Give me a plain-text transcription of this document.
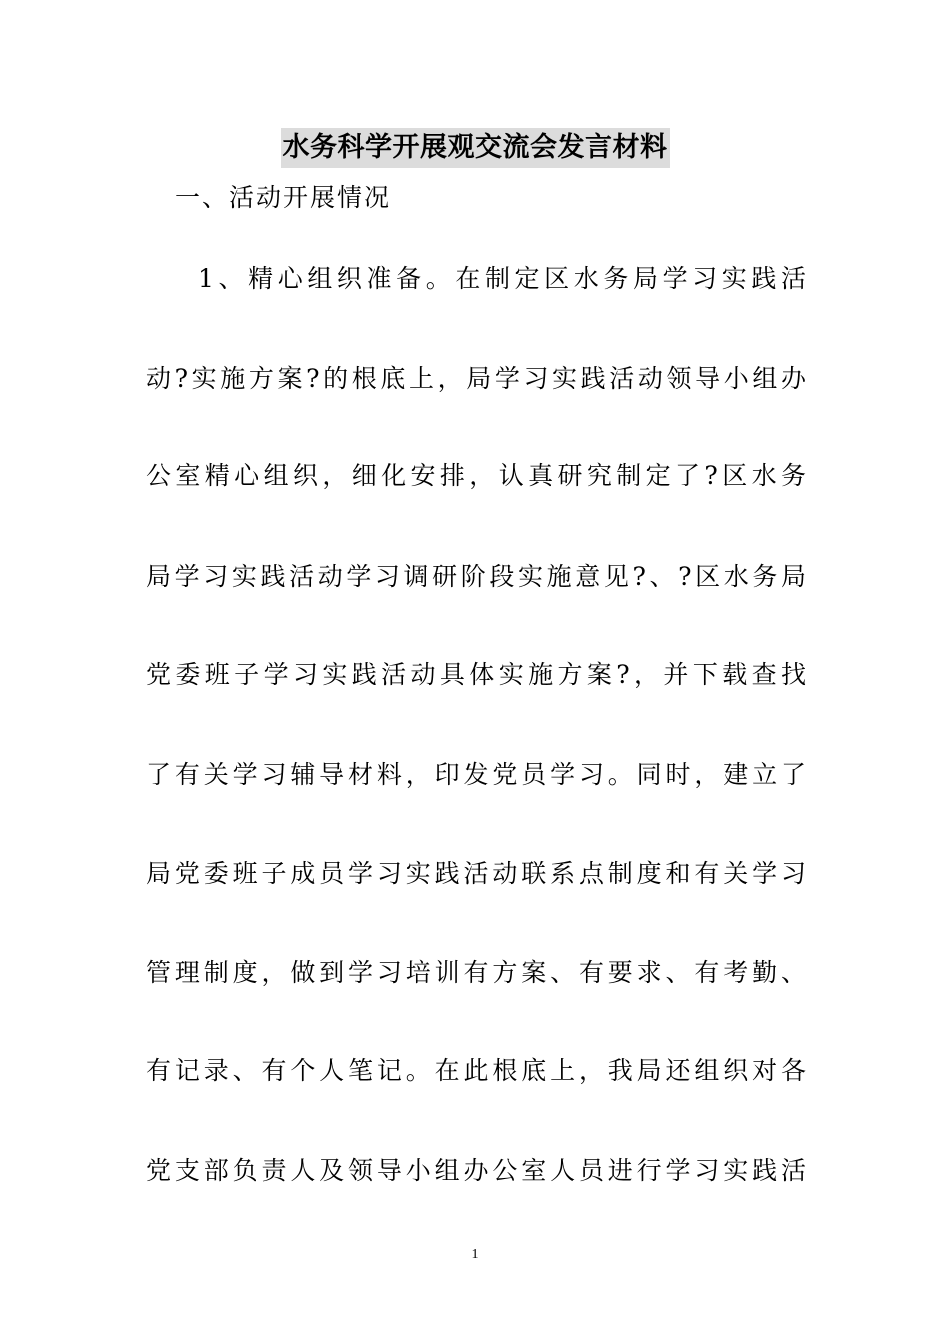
水务科学开展观交流会发言材料
一、活动开展情况
1、精心组织准备。在制定区水务局学习实践活
动?实施方案?的根底上，局学习实践活动领导小组办
公室精心组织，细化安排，认真研究制定了?区水务
局学习实践活动学习调研阶段实施意见?、?区水务局
党委班子学习实践活动具体实施方案?，并下载查找
了有关学习辅导材料，印发党员学习。同时，建立了
局党委班子成员学习实践活动联系点制度和有关学习
管理制度，做到学习培训有方案、有要求、有考勤、
有记录、有个人笔记。在此根底上，我局还组织对各
党支部负责人及领导小组办公室人员进行学习实践活
1
